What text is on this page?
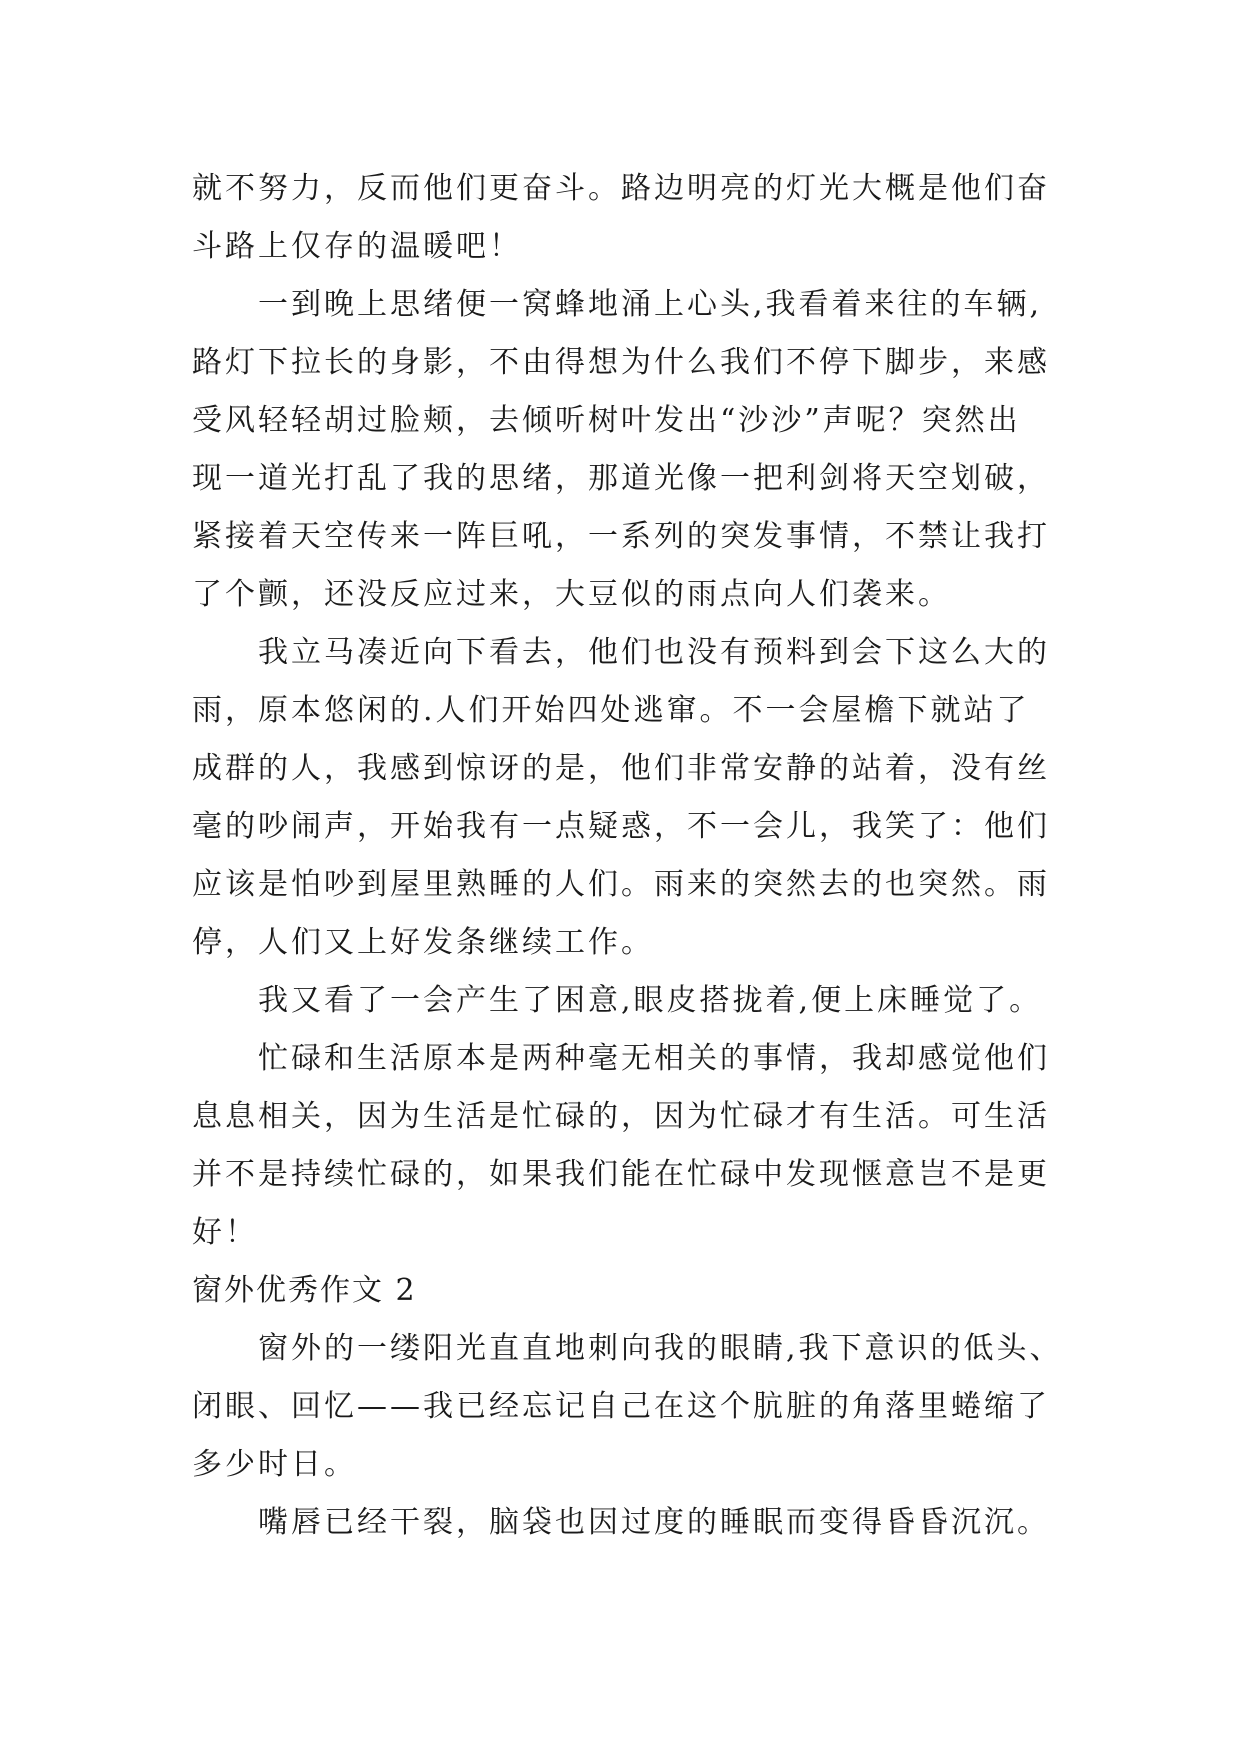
就不努力，反而他们更奋斗。路边明亮的灯光大概是他们奋
斗路上仅存的温暖吧！
一到晚上思绪便一窝蜂地涌上心头,我看着来往的车辆,
路灯下拉长的身影，不由得想为什么我们不停下脚步，来感
受风轻轻胡过脸颊，去倾听树叶发出“沙沙”声呢？突然出
现一道光打乱了我的思绪，那道光像一把利剑将天空划破，
紧接着天空传来一阵巨吼，一系列的突发事情，不禁让我打
了个颤，还没反应过来，大豆似的雨点向人们袭来。
我立马凑近向下看去，他们也没有预料到会下这么大的
雨，原本悠闲的.人们开始四处逃窜。不一会屋檐下就站了
成群的人，我感到惊讶的是，他们非常安静的站着，没有丝
毫的吵闹声，开始我有一点疑惑，不一会儿，我笑了：他们
应该是怕吵到屋里熟睡的人们。雨来的突然去的也突然。雨
停，人们又上好发条继续工作。
我又看了一会产生了困意,眼皮搭拢着,便上床睡觉了。
忙碌和生活原本是两种毫无相关的事情，我却感觉他们
息息相关，因为生活是忙碌的，因为忙碌才有生活。可生活
并不是持续忙碌的，如果我们能在忙碌中发现惬意岂不是更
好！
窗外优秀作文 2
窗外的一缕阳光直直地刺向我的眼睛,我下意识的低头、
闭眼、回忆——我已经忘记自己在这个肮脏的角落里蜷缩了
多少时日。
嘴唇已经干裂，脑袋也因过度的睡眠而变得昏昏沉沉。
